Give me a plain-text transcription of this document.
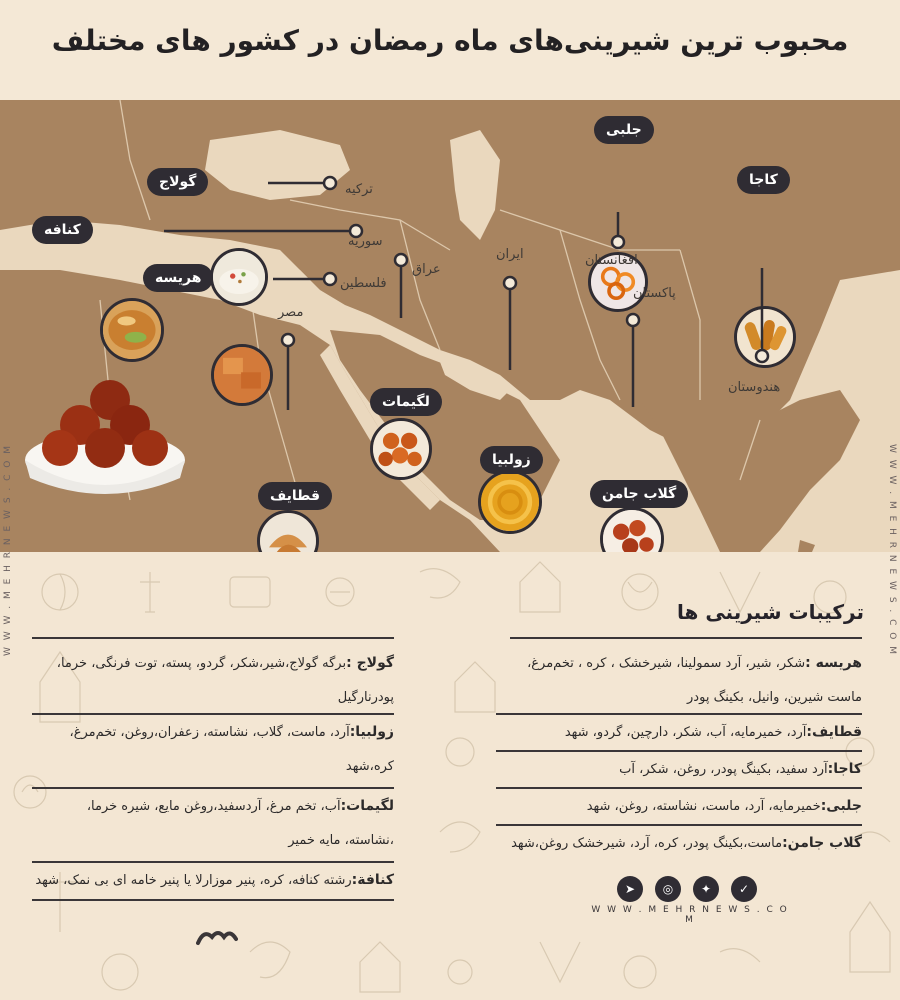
محبوب ترین شیرینی‌های ماه رمضان در کشور های مختلف
ترکیه
سوریه
فلسطین
عراق
مصر
ایران	افغانستان
پاکستان
هندوستان
گولاج
کنافه
هریسه
قطایف
لگیمات
زولبیا
گلاب جامن
جلبی
کاجا
ترکیبات شیرینی ها
هریسه :شکر، شیر، آرد سمولینا، شیرخشک ، کره ، تخم‌مرغ،
ماست شیرین، وانیل، بکینگ پودر
قطایف:آرد، خمیرمایه، آب، شکر، دارچین، گردو، شهد
کاجا:آرد سفید، بکینگ پودر، روغن، شکر، آب
جلبی:خمیرمایه، آرد، ماست، نشاسته، روغن، شهد
گلاب جامن:ماست،بکینگ پودر، کره، آرد، شیرخشک روغن،شهد
گولاج :برگه گولاج،شیر،شکر، گردو، پسته، توت فرنگی، خرما،
پودرنارگیل
زولبیا:آرد، ماست، گلاب، نشاسته، زعفران،روغن، تخم‌مرغ،
کره،شهد
لگیمات:آب، تخم مرغ، آردسفید،روغن مایع، شیره خرما،
،نشاسته، مایه خمیر
کنافة:رشته کنافه، کره، پنیر موزارلا یا پنیر خامه ای بی نمک، شهد
➤	◎	✦	✓
W W W . M E H R N E W S . C O M
W W W . M E H R N E W S . C O M	W W W . M E H R N E W S . C O M
